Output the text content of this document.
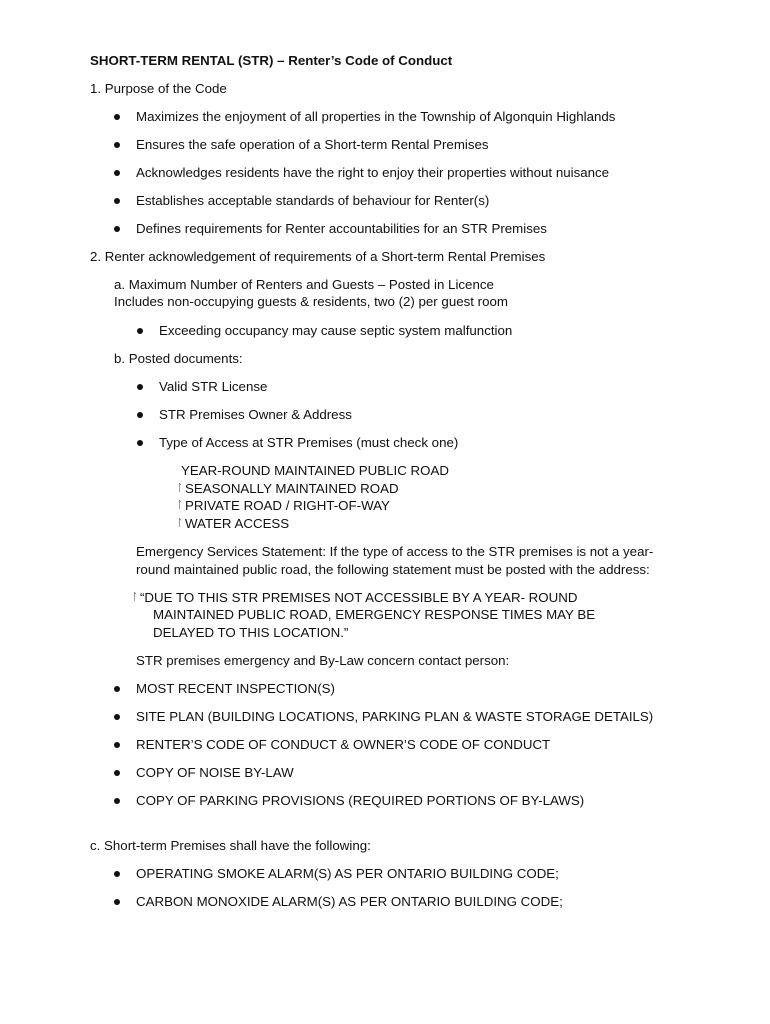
SHORT-TERM RENTAL (STR) – Renter’s Code of Conduct
1. Purpose of the Code
Maximizes the enjoyment of all properties in the Township of Algonquin Highlands
Ensures the safe operation of a Short-term Rental Premises
Acknowledges residents have the right to enjoy their properties without nuisance
Establishes acceptable standards of behaviour for Renter(s)
Defines requirements for Renter accountabilities for an STR Premises
2. Renter acknowledgement of requirements of a Short-term Rental Premises
a. Maximum Number of Renters and Guests – Posted in Licence
Includes non-occupying guests & residents, two (2) per guest room
Exceeding occupancy may cause septic system malfunction
b. Posted documents:
Valid STR License
STR Premises Owner & Address
Type of Access at STR Premises (must check one)
YEAR-ROUND MAINTAINED PUBLIC ROAD
ᛚ SEASONALLY MAINTAINED ROAD
ᛚ PRIVATE ROAD / RIGHT-OF-WAY
ᛚ WATER ACCESS
Emergency Services Statement: If the type of access to the STR premises is not a year-
round maintained public road, the following statement must be posted with the address:
ᛚ “DUE TO THIS STR PREMISES NOT ACCESSIBLE BY A YEAR- ROUND
MAINTAINED PUBLIC ROAD, EMERGENCY RESPONSE TIMES MAY BE
DELAYED TO THIS LOCATION.”
STR premises emergency and By-Law concern contact person:
MOST RECENT INSPECTION(S)
SITE PLAN (BUILDING LOCATIONS, PARKING PLAN & WASTE STORAGE DETAILS)
RENTER’S CODE OF CONDUCT & OWNER’S CODE OF CONDUCT
COPY OF NOISE BY-LAW
COPY OF PARKING PROVISIONS (REQUIRED PORTIONS OF BY-LAWS)
c. Short-term Premises shall have the following:
OPERATING SMOKE ALARM(S) AS PER ONTARIO BUILDING CODE;
CARBON MONOXIDE ALARM(S) AS PER ONTARIO BUILDING CODE;
